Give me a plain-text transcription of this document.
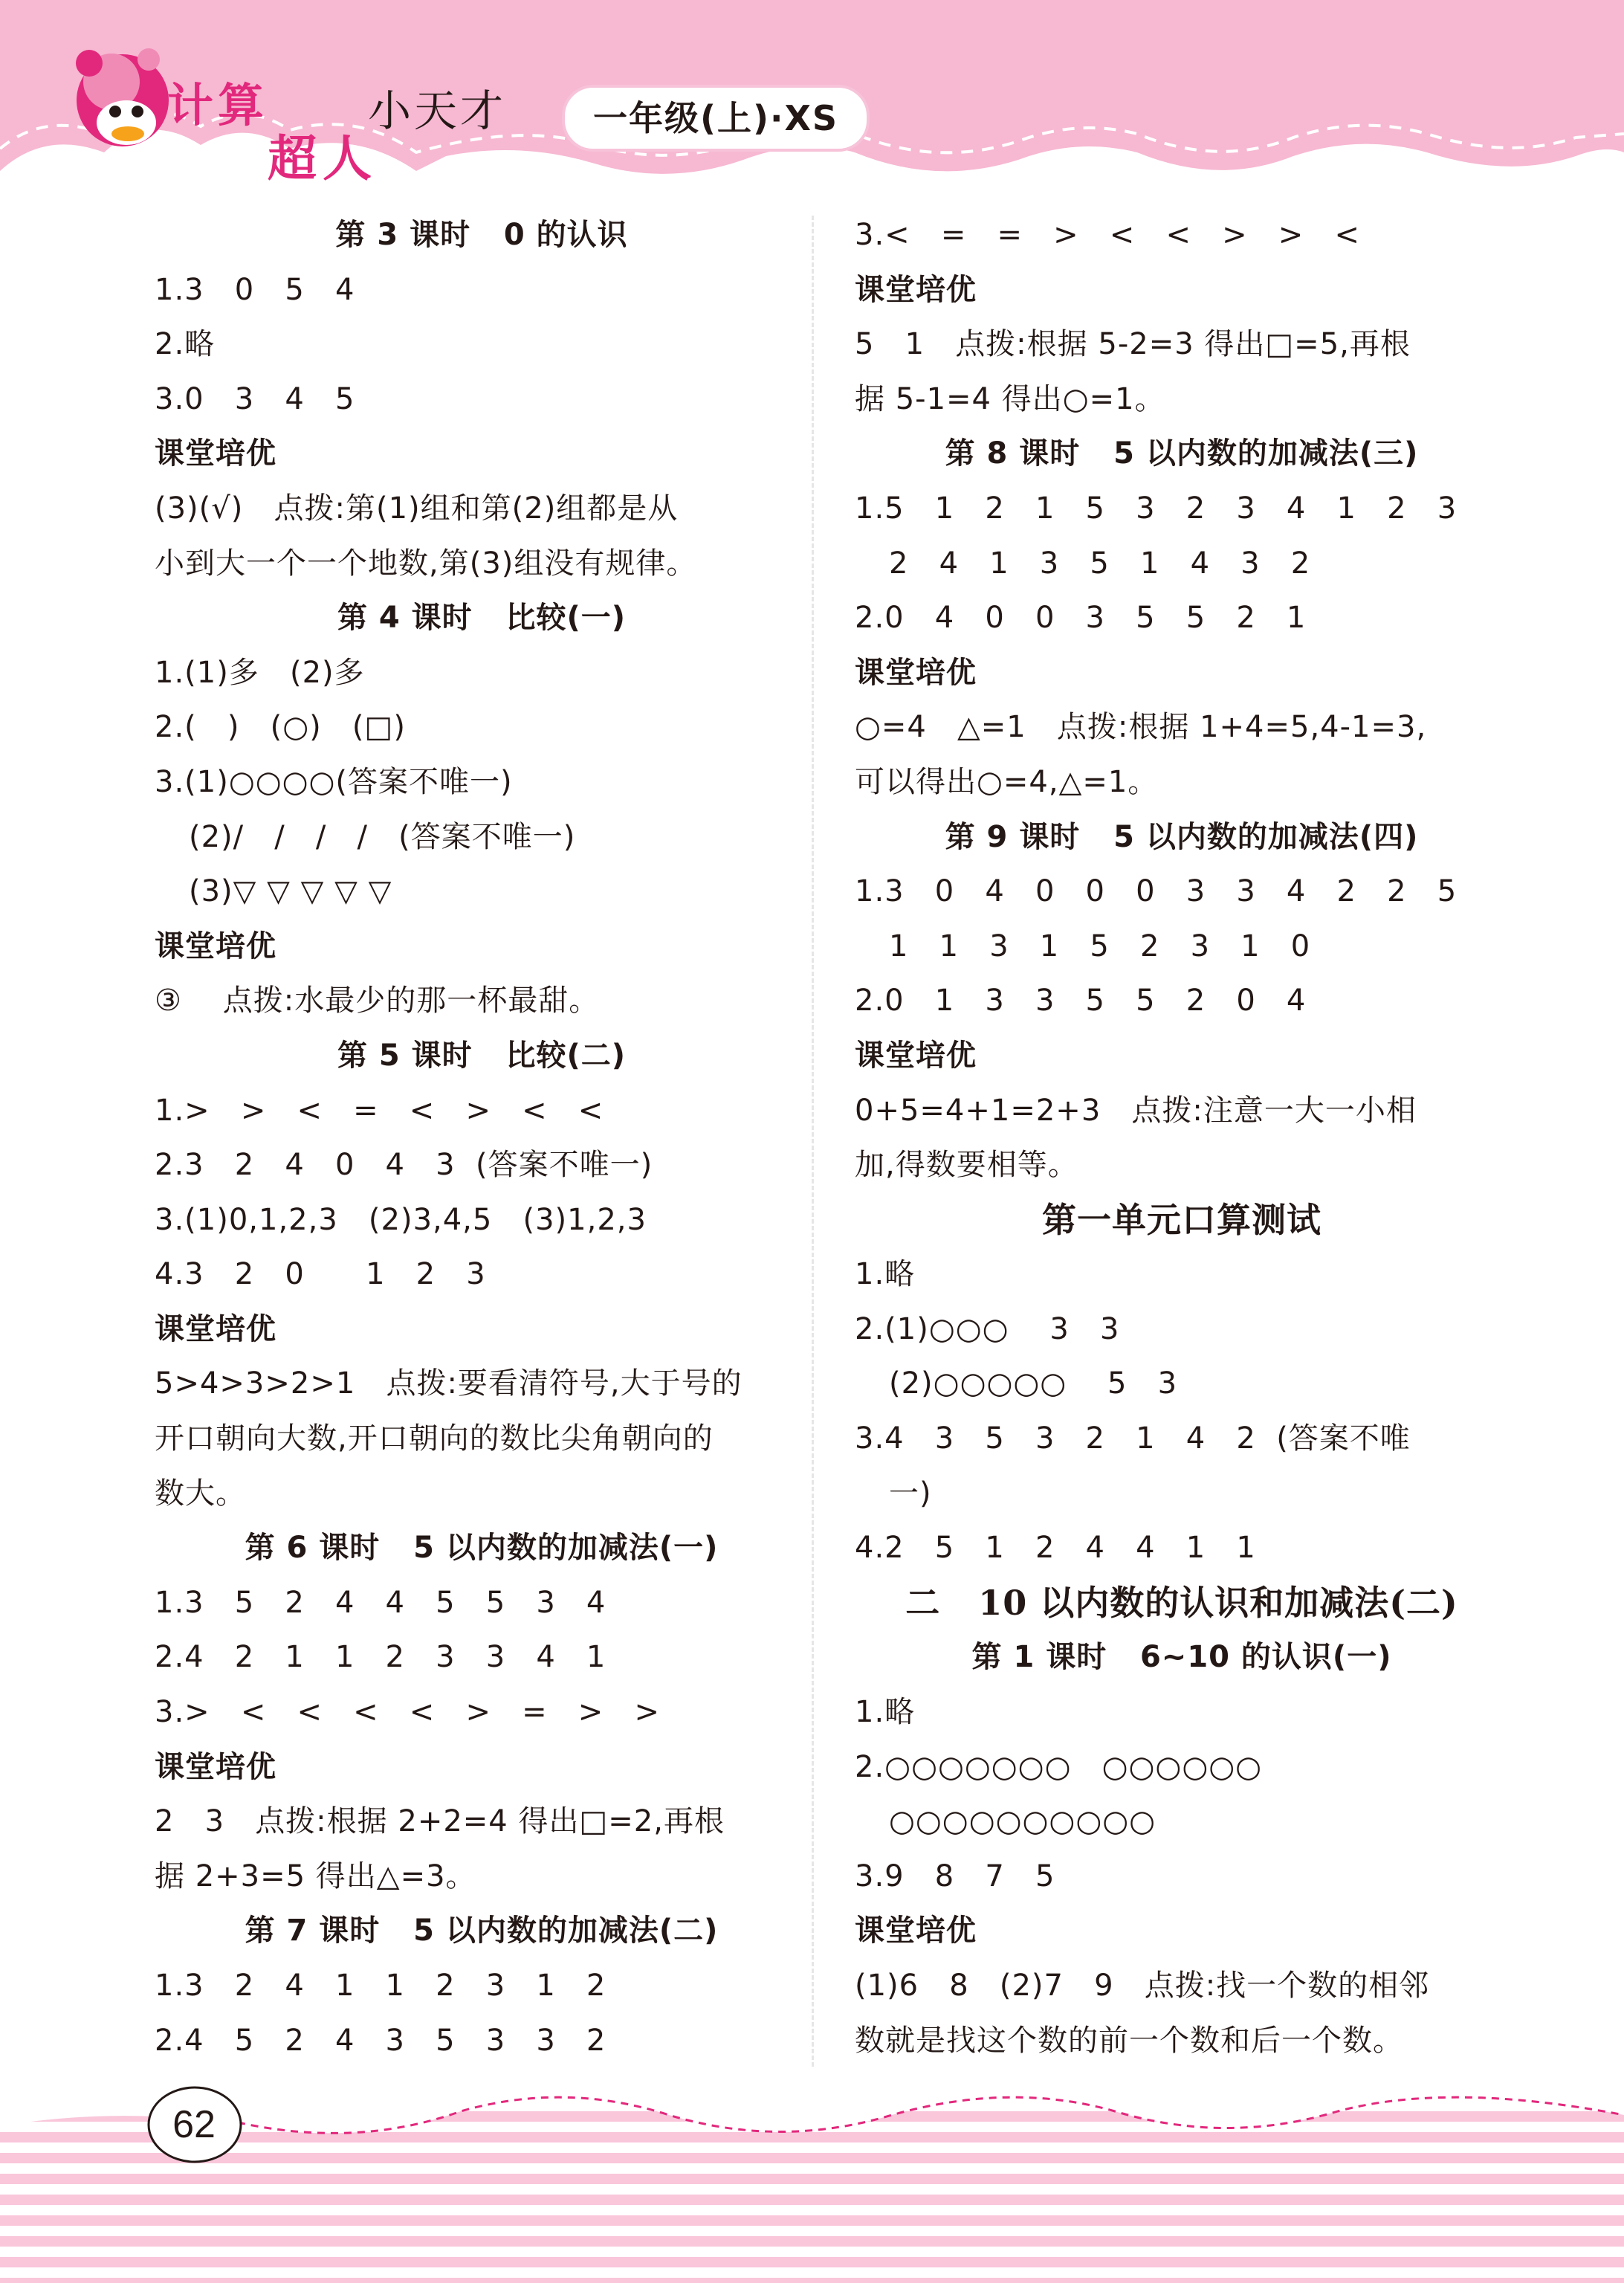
计算
超人
小天才	一年级(上)·XS
第 3 课时   0 的认识
1.3   0   5   4
2.略
3.0   3   4   5
课堂培优
(3)(√)   点拨:第(1)组和第(2)组都是从
小到大一个一个地数,第(3)组没有规律。
第 4 课时   比较(一)
1.(1)多   (2)多
2.(   )   (○)   (□)
3.(1)○○○○(答案不唯一)
(2)/   /   /   /   (答案不唯一)
(3)▽ ▽ ▽ ▽ ▽
课堂培优
③    点拨:水最少的那一杯最甜。
第 5 课时   比较(二)
1.>   >   <   =   <   >   <   <
2.3   2   4   0   4   3  (答案不唯一)
3.(1)0,1,2,3   (2)3,4,5   (3)1,2,3
4.3   2   0      1   2   3
课堂培优
5>4>3>2>1   点拨:要看清符号,大于号的
开口朝向大数,开口朝向的数比尖角朝向的
数大。
第 6 课时   5 以内数的加减法(一)
1.3   5   2   4   4   5   5   3   4
2.4   2   1   1   2   3   3   4   1
3.>   <   <   <   <   >   =   >   >
课堂培优
2   3   点拨:根据 2+2=4 得出□=2,再根
据 2+3=5 得出△=3。
第 7 课时   5 以内数的加减法(二)
1.3   2   4   1   1   2   3   1   2
2.4   5   2   4   3   5   3   3   2
3.<   =   =   >   <   <   >   >   <
课堂培优
5   1   点拨:根据 5-2=3 得出□=5,再根
据 5-1=4 得出○=1。
第 8 课时   5 以内数的加减法(三)
1.5   1   2   1   5   3   2   3   4   1   2   3
2   4   1   3   5   1   4   3   2
2.0   4   0   0   3   5   5   2   1
课堂培优
○=4   △=1   点拨:根据 1+4=5,4-1=3,
可以得出○=4,△=1。
第 9 课时   5 以内数的加减法(四)
1.3   0   4   0   0   0   3   3   4   2   2   5
1   1   3   1   5   2   3   1   0
2.0   1   3   3   5   5   2   0   4
课堂培优
0+5=4+1=2+3   点拨:注意一大一小相
加,得数要相等。
第一单元口算测试
1.略
2.(1)○○○    3   3
(2)○○○○○    5   3
3.4   3   5   3   2   1   4   2  (答案不唯
一)
4.2   5   1   2   4   4   1   1
二   10 以内数的认识和加减法(二)
第 1 课时   6~10 的认识(一)
1.略
2.○○○○○○○   ○○○○○○
○○○○○○○○○○
3.9   8   7   5
课堂培优
(1)6   8   (2)7   9   点拨:找一个数的相邻
数就是找这个数的前一个数和后一个数。
62
